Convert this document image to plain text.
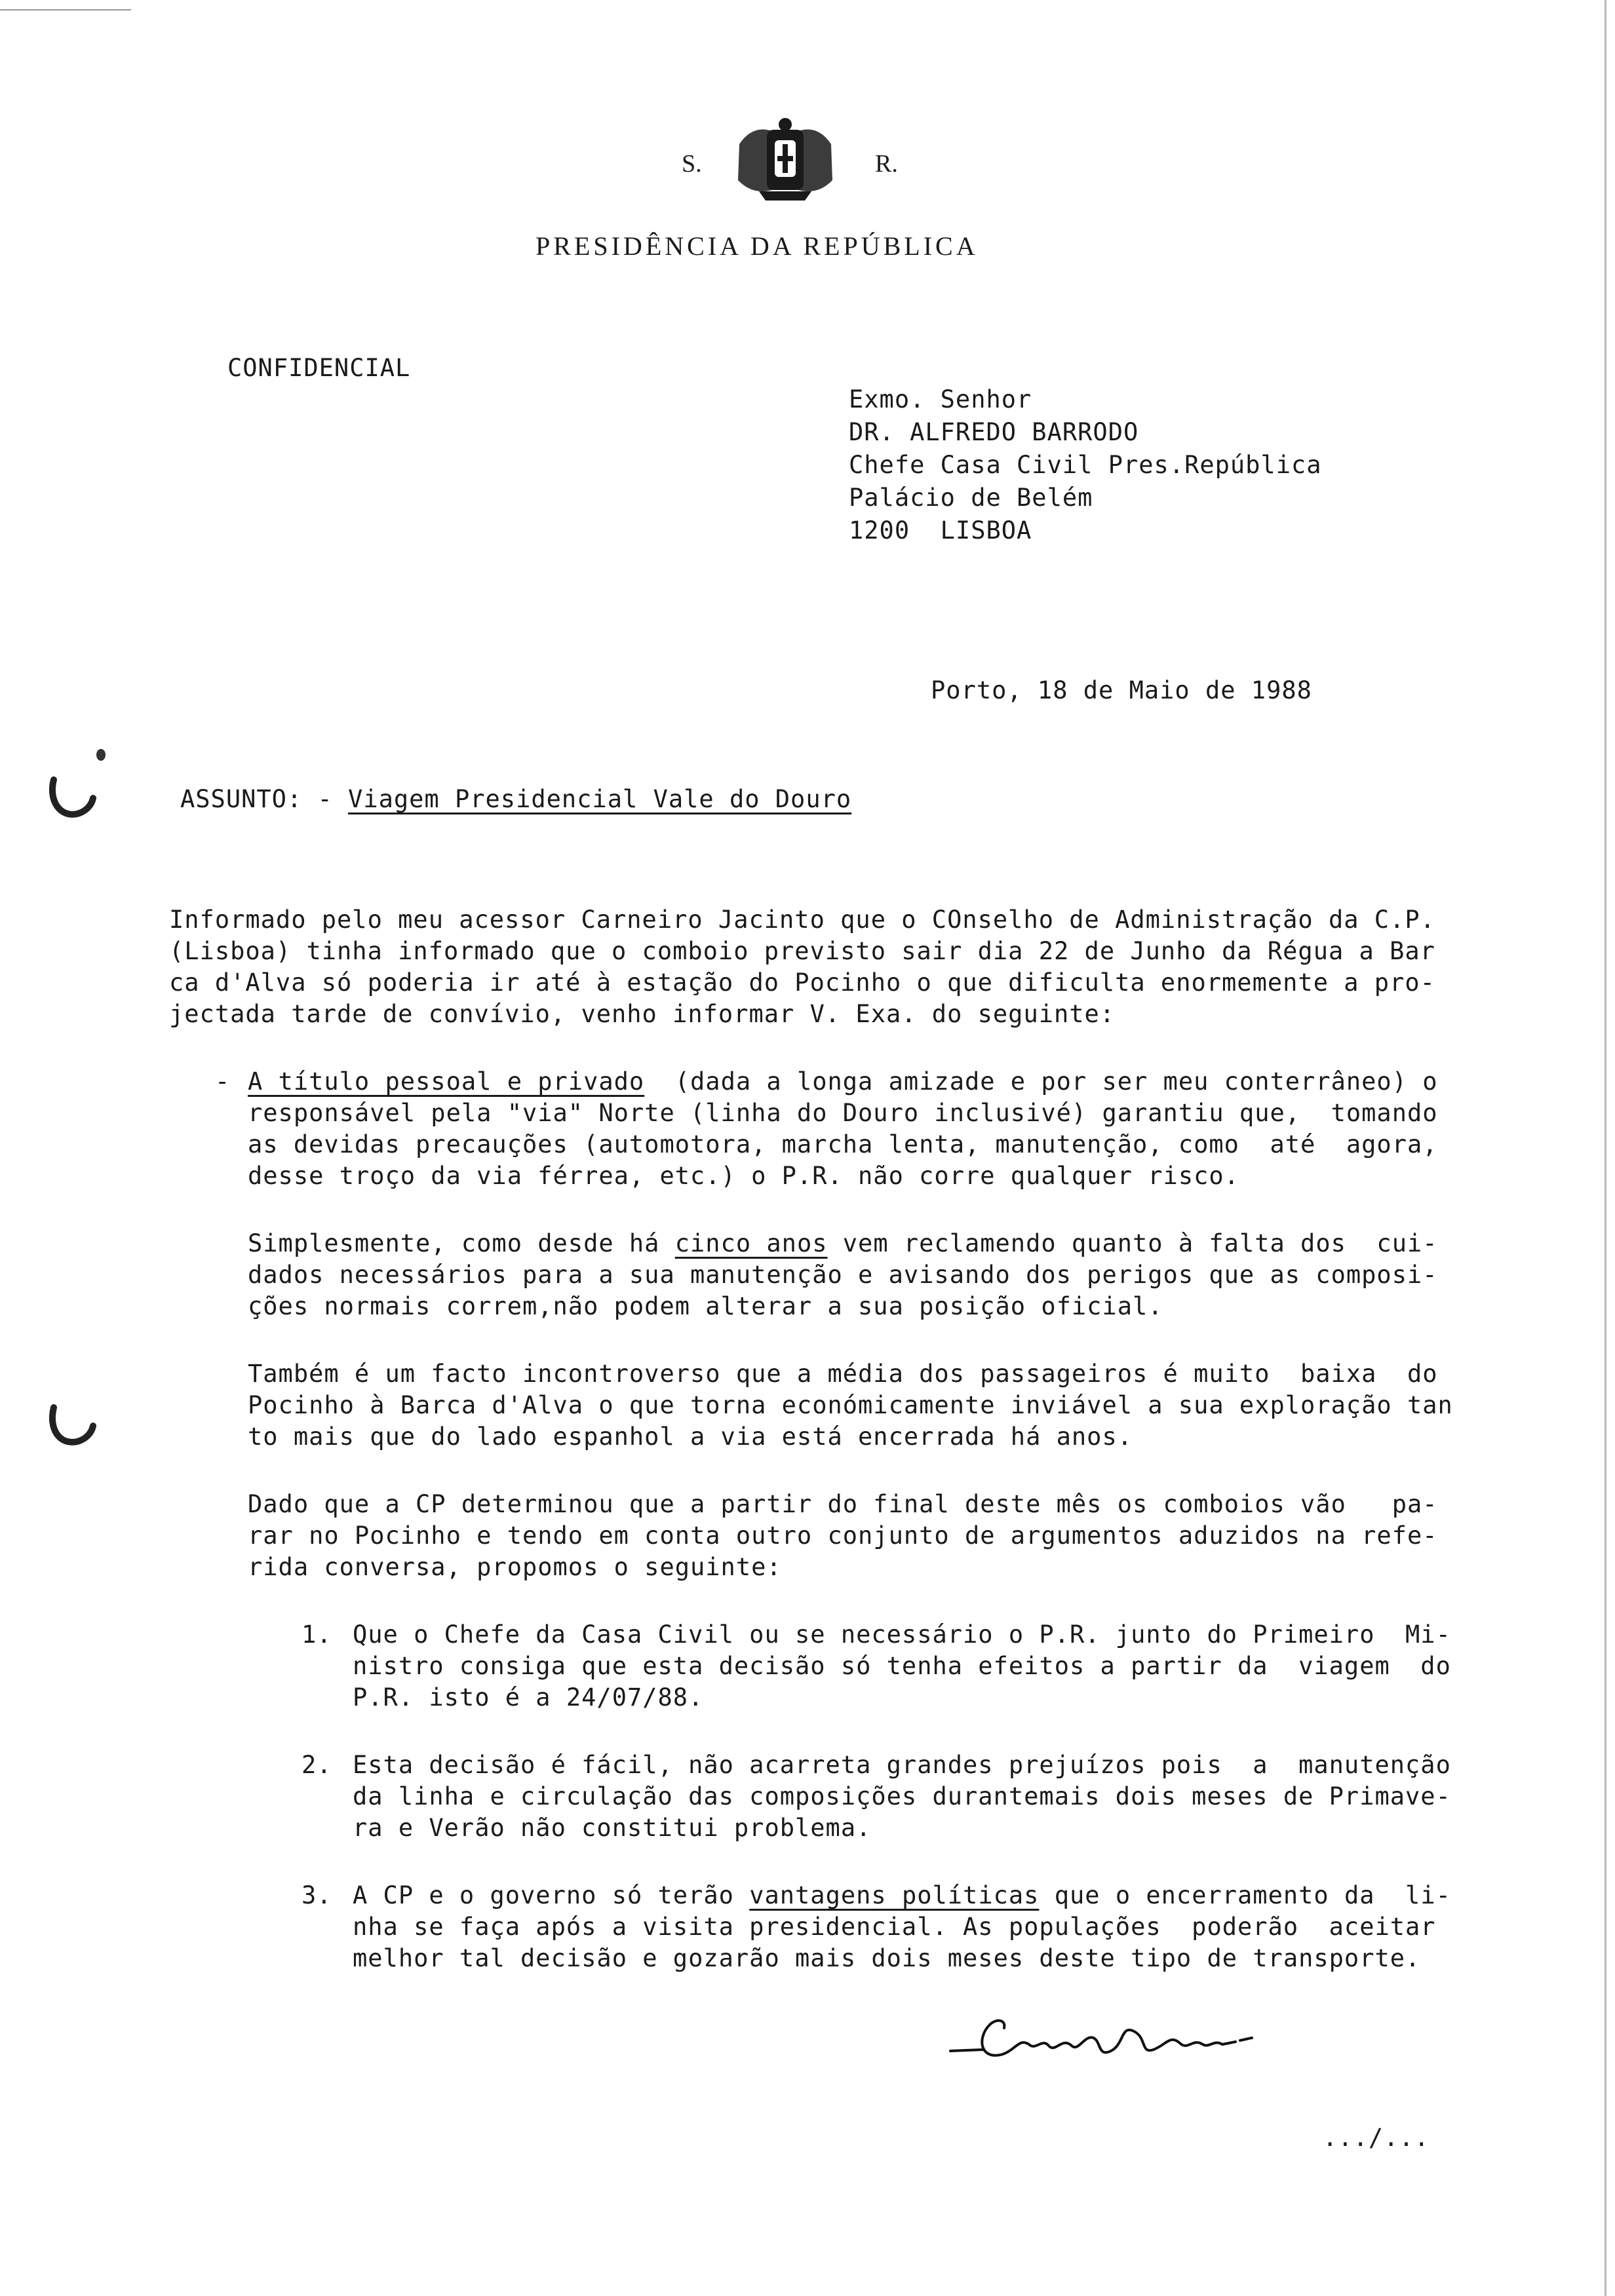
S.	R.
PRESIDÊNCIA DA REPÚBLICA
CONFIDENCIAL
Exmo. Senhor
DR. ALFREDO BARRODO
Chefe Casa Civil Pres.República
Palácio de Belém
1200  LISBOA
Porto, 18 de Maio de 1988
ASSUNTO: - Viagem Presidencial Vale do Douro
Informado pelo meu acessor Carneiro Jacinto que o COnselho de Administração da C.P.
(Lisboa) tinha informado que o comboio previsto sair dia 22 de Junho da Régua a Bar
ca d'Alva só poderia ir até à estação do Pocinho o que dificulta enormemente a pro-
jectada tarde de convívio, venho informar V. Exa. do seguinte:
- A título pessoal e privado  (dada a longa amizade e por ser meu conterrâneo) o
responsável pela "via" Norte (linha do Douro inclusivé) garantiu que,  tomando
as devidas precauções (automotora, marcha lenta, manutenção, como  até  agora,
desse troço da via férrea, etc.) o P.R. não corre qualquer risco.
Simplesmente, como desde há cinco anos vem reclamendo quanto à falta dos  cui-
dados necessários para a sua manutenção e avisando dos perigos que as composi-
ções normais correm,não podem alterar a sua posição oficial.
Também é um facto incontroverso que a média dos passageiros é muito  baixa  do
Pocinho à Barca d'Alva o que torna económicamente inviável a sua exploração tan
to mais que do lado espanhol a via está encerrada há anos.
Dado que a CP determinou que a partir do final deste mês os comboios vão   pa-
rar no Pocinho e tendo em conta outro conjunto de argumentos aduzidos na refe-
rida conversa, propomos o seguinte:
1. Que o Chefe da Casa Civil ou se necessário o P.R. junto do Primeiro  Mi-
nistro consiga que esta decisão só tenha efeitos a partir da  viagem  do
P.R. isto é a 24/07/88.
2. Esta decisão é fácil, não acarreta grandes prejuízos pois  a  manutenção
da linha e circulação das composições durantemais dois meses de Primave-
ra e Verão não constitui problema.
3. A CP e o governo só terão vantagens políticas que o encerramento da  li-
nha se faça após a visita presidencial. As populações  poderão  aceitar
melhor tal decisão e gozarão mais dois meses deste tipo de transporte.
.../...
